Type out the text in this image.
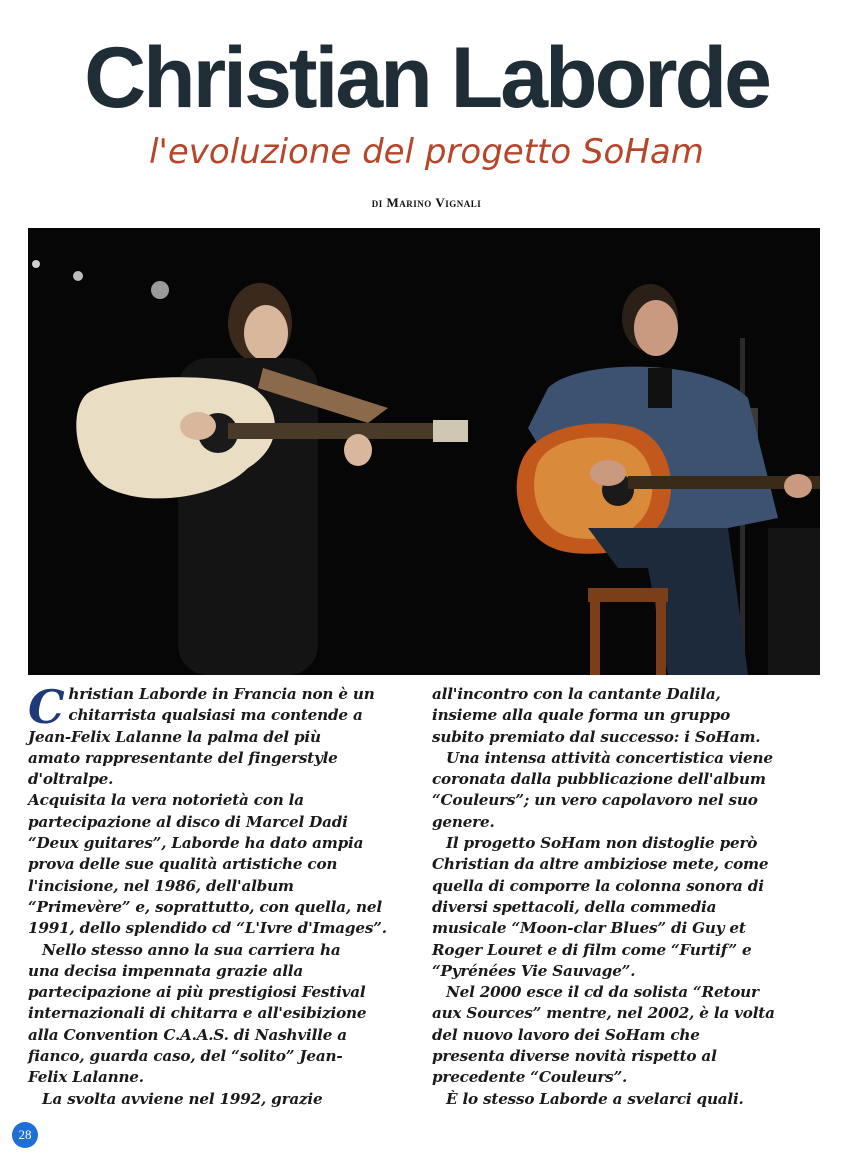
Christian Laborde
l'evoluzione del progetto SoHam
di Marino Vignali
C hristian Laborde in Francia non è un

chitarrista qualsiasi ma contende a

Jean-Felix Lalanne la palma del più

amato rappresentante del fingerstyle

d'oltralpe.

Acquisita la vera notorietà con la

partecipazione al disco di Marcel Dadi

“Deux guitares”, Laborde ha dato ampia

prova delle sue qualità artistiche con

l'incisione, nel 1986, dell'album

“Primevère” e, soprattutto, con quella, nel

1991, dello splendido cd “L'Ivre d'Images”.

Nello stesso anno la sua carriera ha

una decisa impennata grazie alla

partecipazione ai più prestigiosi Festival

internazionali di chitarra e all'esibizione

alla Convention C.A.A.S. di Nashville a

fianco, guarda caso, del “solito” Jean-

Felix Lalanne.

La svolta avviene nel 1992, grazie

all'incontro con la cantante Dalila,

insieme alla quale forma un gruppo

subito premiato dal successo: i SoHam.

Una intensa attività concertistica viene

coronata dalla pubblicazione dell'album

“Couleurs”; un vero capolavoro nel suo

genere.

Il progetto SoHam non distoglie però

Christian da altre ambiziose mete, come

quella di comporre la colonna sonora di

diversi spettacoli, della commedia

musicale “Moon-clar Blues” di Guy et

Roger Louret e di film come “Furtif” e

“Pyrénées Vie Sauvage”.

Nel 2000 esce il cd da solista “Retour

aux Sources” mentre, nel 2002, è la volta

del nuovo lavoro dei SoHam che

presenta diverse novità rispetto al

precedente “Couleurs”.

È lo stesso Laborde a svelarci quali.

28
